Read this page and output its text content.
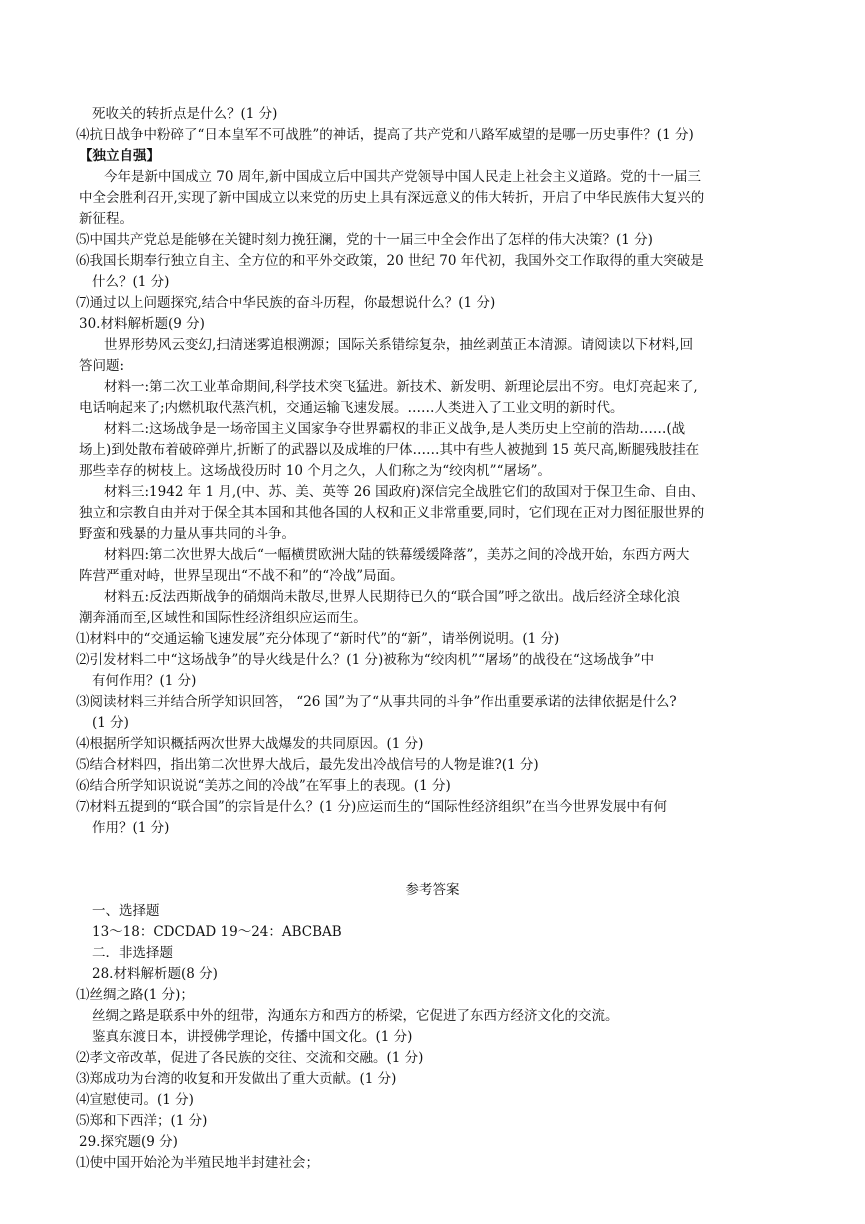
死收关的转折点是什么？(1 分)
⑷抗日战争中粉碎了“日本皇军不可战胜”的神话，提高了共产党和八路军威望的是哪一历史事件？(1 分)
【独立自强】
今年是新中国成立 70 周年,新中国成立后中国共产党领导中国人民走上社会主义道路。党的十一届三
中全会胜利召开,实现了新中国成立以来党的历史上具有深远意义的伟大转折，开启了中华民族伟大复兴的
新征程。
⑸中国共产党总是能够在关键时刻力挽狂澜，党的十一届三中全会作出了怎样的伟大决策？(1 分)
⑹我国长期奉行独立自主、全方位的和平外交政策，20 世纪 70 年代初，我国外交工作取得的重大突破是
什么？(1 分)
⑺通过以上问题探究,结合中华民族的奋斗历程，你最想说什么？(1 分)
30.材料解析题(9 分)
世界形势风云变幻,扫清迷雾追根溯源；国际关系错综复杂，抽丝剥茧正本清源。请阅读以下材料,回
答问题:
材料一:第二次工业革命期间,科学技术突飞猛进。新技术、新发明、新理论层出不穷。电灯亮起来了,
电话响起来了;内燃机取代蒸汽机，交通运输飞速发展。……人类进入了工业文明的新时代。
材料二:这场战争是一场帝国主义国家争夺世界霸权的非正义战争,是人类历史上空前的浩劫……(战
场上)到处散布着破碎弹片,折断了的武器以及成堆的尸体……其中有些人被抛到 15 英尺高,断腿残肢挂在
那些幸存的树枝上。这场战役历时 10 个月之久，人们称之为“绞肉机”“屠场”。
材料三:1942 年 1 月,(中、苏、美、英等 26 国政府)深信完全战胜它们的敌国对于保卫生命、自由、
独立和宗教自由并对于保全其本国和其他各国的人权和正义非常重要,同时，它们现在正对力图征服世界的
野蛮和残暴的力量从事共同的斗争。
材料四:第二次世界大战后“一幅横贯欧洲大陆的铁幕缓缓降落”，美苏之间的冷战开始，东西方两大
阵营严重对峙，世界呈现出“不战不和”的“冷战”局面。
材料五:反法西斯战争的硝烟尚未散尽,世界人民期待已久的“联合国”呼之欲出。战后经济全球化浪
潮奔涌而至,区域性和国际性经济组织应运而生。
⑴材料中的“交通运输飞速发展”充分体现了“新时代”的“新”，请举例说明。(1 分)
⑵引发材料二中“这场战争”的导火线是什么？(1 分)被称为“绞肉机”“屠场”的战役在“这场战争”中
有何作用？(1 分)
⑶阅读材料三并结合所学知识回答， “26 国”为了“从事共同的斗争”作出重要承诺的法律依据是什么?
(1 分)
⑷根据所学知识概括两次世界大战爆发的共同原因。(1 分)
⑸结合材料四，指出第二次世界大战后，最先发出冷战信号的人物是谁?(1 分)
⑹结合所学知识说说“美苏之间的冷战”在军事上的表现。(1 分)
⑺材料五提到的“联合国”的宗旨是什么？(1 分)应运而生的“国际性经济组织”在当今世界发展中有何
作用？(1 分)
参考答案
一、选择题
13～18：CDCDAD 19～24：ABCBAB
二．非选择题
28.材料解析题(8 分)
⑴丝绸之路(1 分)；
丝绸之路是联系中外的纽带，沟通东方和西方的桥梁，它促进了东西方经济文化的交流。
鉴真东渡日本，讲授佛学理论，传播中国文化。(1 分)
⑵孝文帝改革，促进了各民族的交往、交流和交融。(1 分)
⑶郑成功为台湾的收复和开发做出了重大贡献。(1 分)
⑷宣慰使司。(1 分)
⑸郑和下西洋；(1 分)
29.探究题(9 分)
⑴使中国开始沦为半殖民地半封建社会；
